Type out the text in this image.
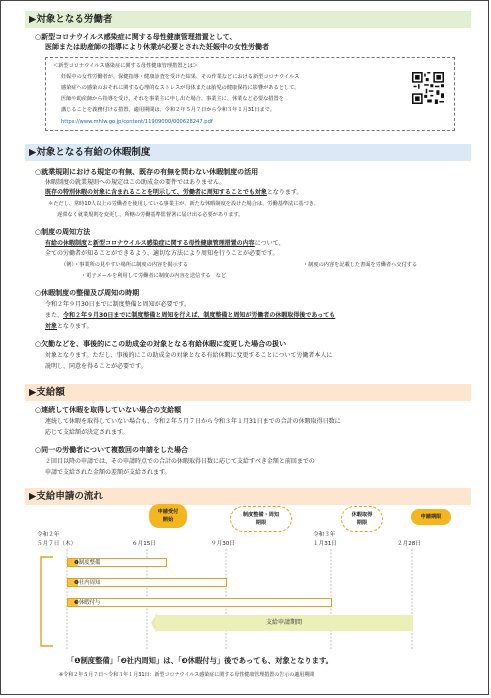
▶対象となる労働者
○新型コロナウイルス感染症に関する母性健康管理措置として、
医師または助産師の指導により休業が必要とされた妊娠中の女性労働者
＜新型コロナウイルス感染症に関する母性健康管理措置とは＞
妊娠中の女性労働者が、保健指導・健康診査を受けた結果、その作業などにおける新型コロナウイルス
感染症への感染のおそれに関する心理的なストレスが母体または胎児の健康保持に影響があるとして、
医師や助産師から指導を受け、それを事業主に申し出た場合、事業主に、休業など必要な措置を
講じることを義務付ける措置。適用期間は、令和２年５月７日から令和３年１月31日まで。
https://www.mhlw.go.jp/content/11909000/000628247.pdf
▶対象となる有給の休暇制度
○就業規則における規定の有無、既存の有無を問わない休暇制度の活用
休暇制度の就業規則への規定はこの助成金の要件ではありません。
既存の特別休暇の対象に含まれることを明示して、労働者に周知することでも対象となります。
＊ただし、常時10人以上の労働者を使用している事業主が、新たな休暇制度を設けた場合は、労働基準法に基づき、
遅滞なく就業規則を変更し、所轄の労働基準監督署に届け出る必要があります。
○制度の周知方法
有給の休暇制度と新型コロナウイルス感染症に関する母性健康管理措置の内容について、
全ての労働者が知ることができるよう、適切な方法により周知を行うことが必要です。
（例）・事業所の見やすい場所に制度の内容を掲示する	・制度の内容を記載した書面を労働者へ交付する
・電子メールを利用して労働者に制度の内容を送信する　など
○休暇制度の整備及び周知の時期
令和２年９月30日までに制度整備と周知が必要です。
また、令和２年９月30日までに制度整備と周知を行えば、制度整備と周知が労働者の休暇取得後であっても
対象となります。
○欠勤などを、事後的にこの助成金の対象となる有給休暇に変更した場合の扱い
対象となります。ただし、事後的にこの助成金の対象となる有給休暇に変更することについて労働者本人に
説明し、同意を得ることが必要です。
▶支給額
○連続して休暇を取得していない場合の支給額
連続して休暇を取得していない場合も、令和２年５月７日から令和３年１月31日までの合計の休暇取得日数に
応じて支給額が決定されます。
○同一の労働者について複数回の申請をした場合
２回目以降の申請では、その申請時点での合計の休暇取得日数に応じて支給すべき金額と前回までの
申請で支給された金額の差額が支給されます。
▶支給申請の流れ
申請受付
開始
制度整備・周知
期限
休暇取得
期限
申請期限
令和２年
５月７日（木）	６月15日	９月30日
令和３年
１月31日	２月28日
❶制度整備
❷社内周知
❸休暇付与
支給申請期間
「❶制度整備」「❷社内周知」は、「❸休暇付与」後であっても、対象となります。
※令和２年５月７日～令和３年１月31日：新型コロナウイルス感染症に関する母性健康管理措置の告示の適用期間
